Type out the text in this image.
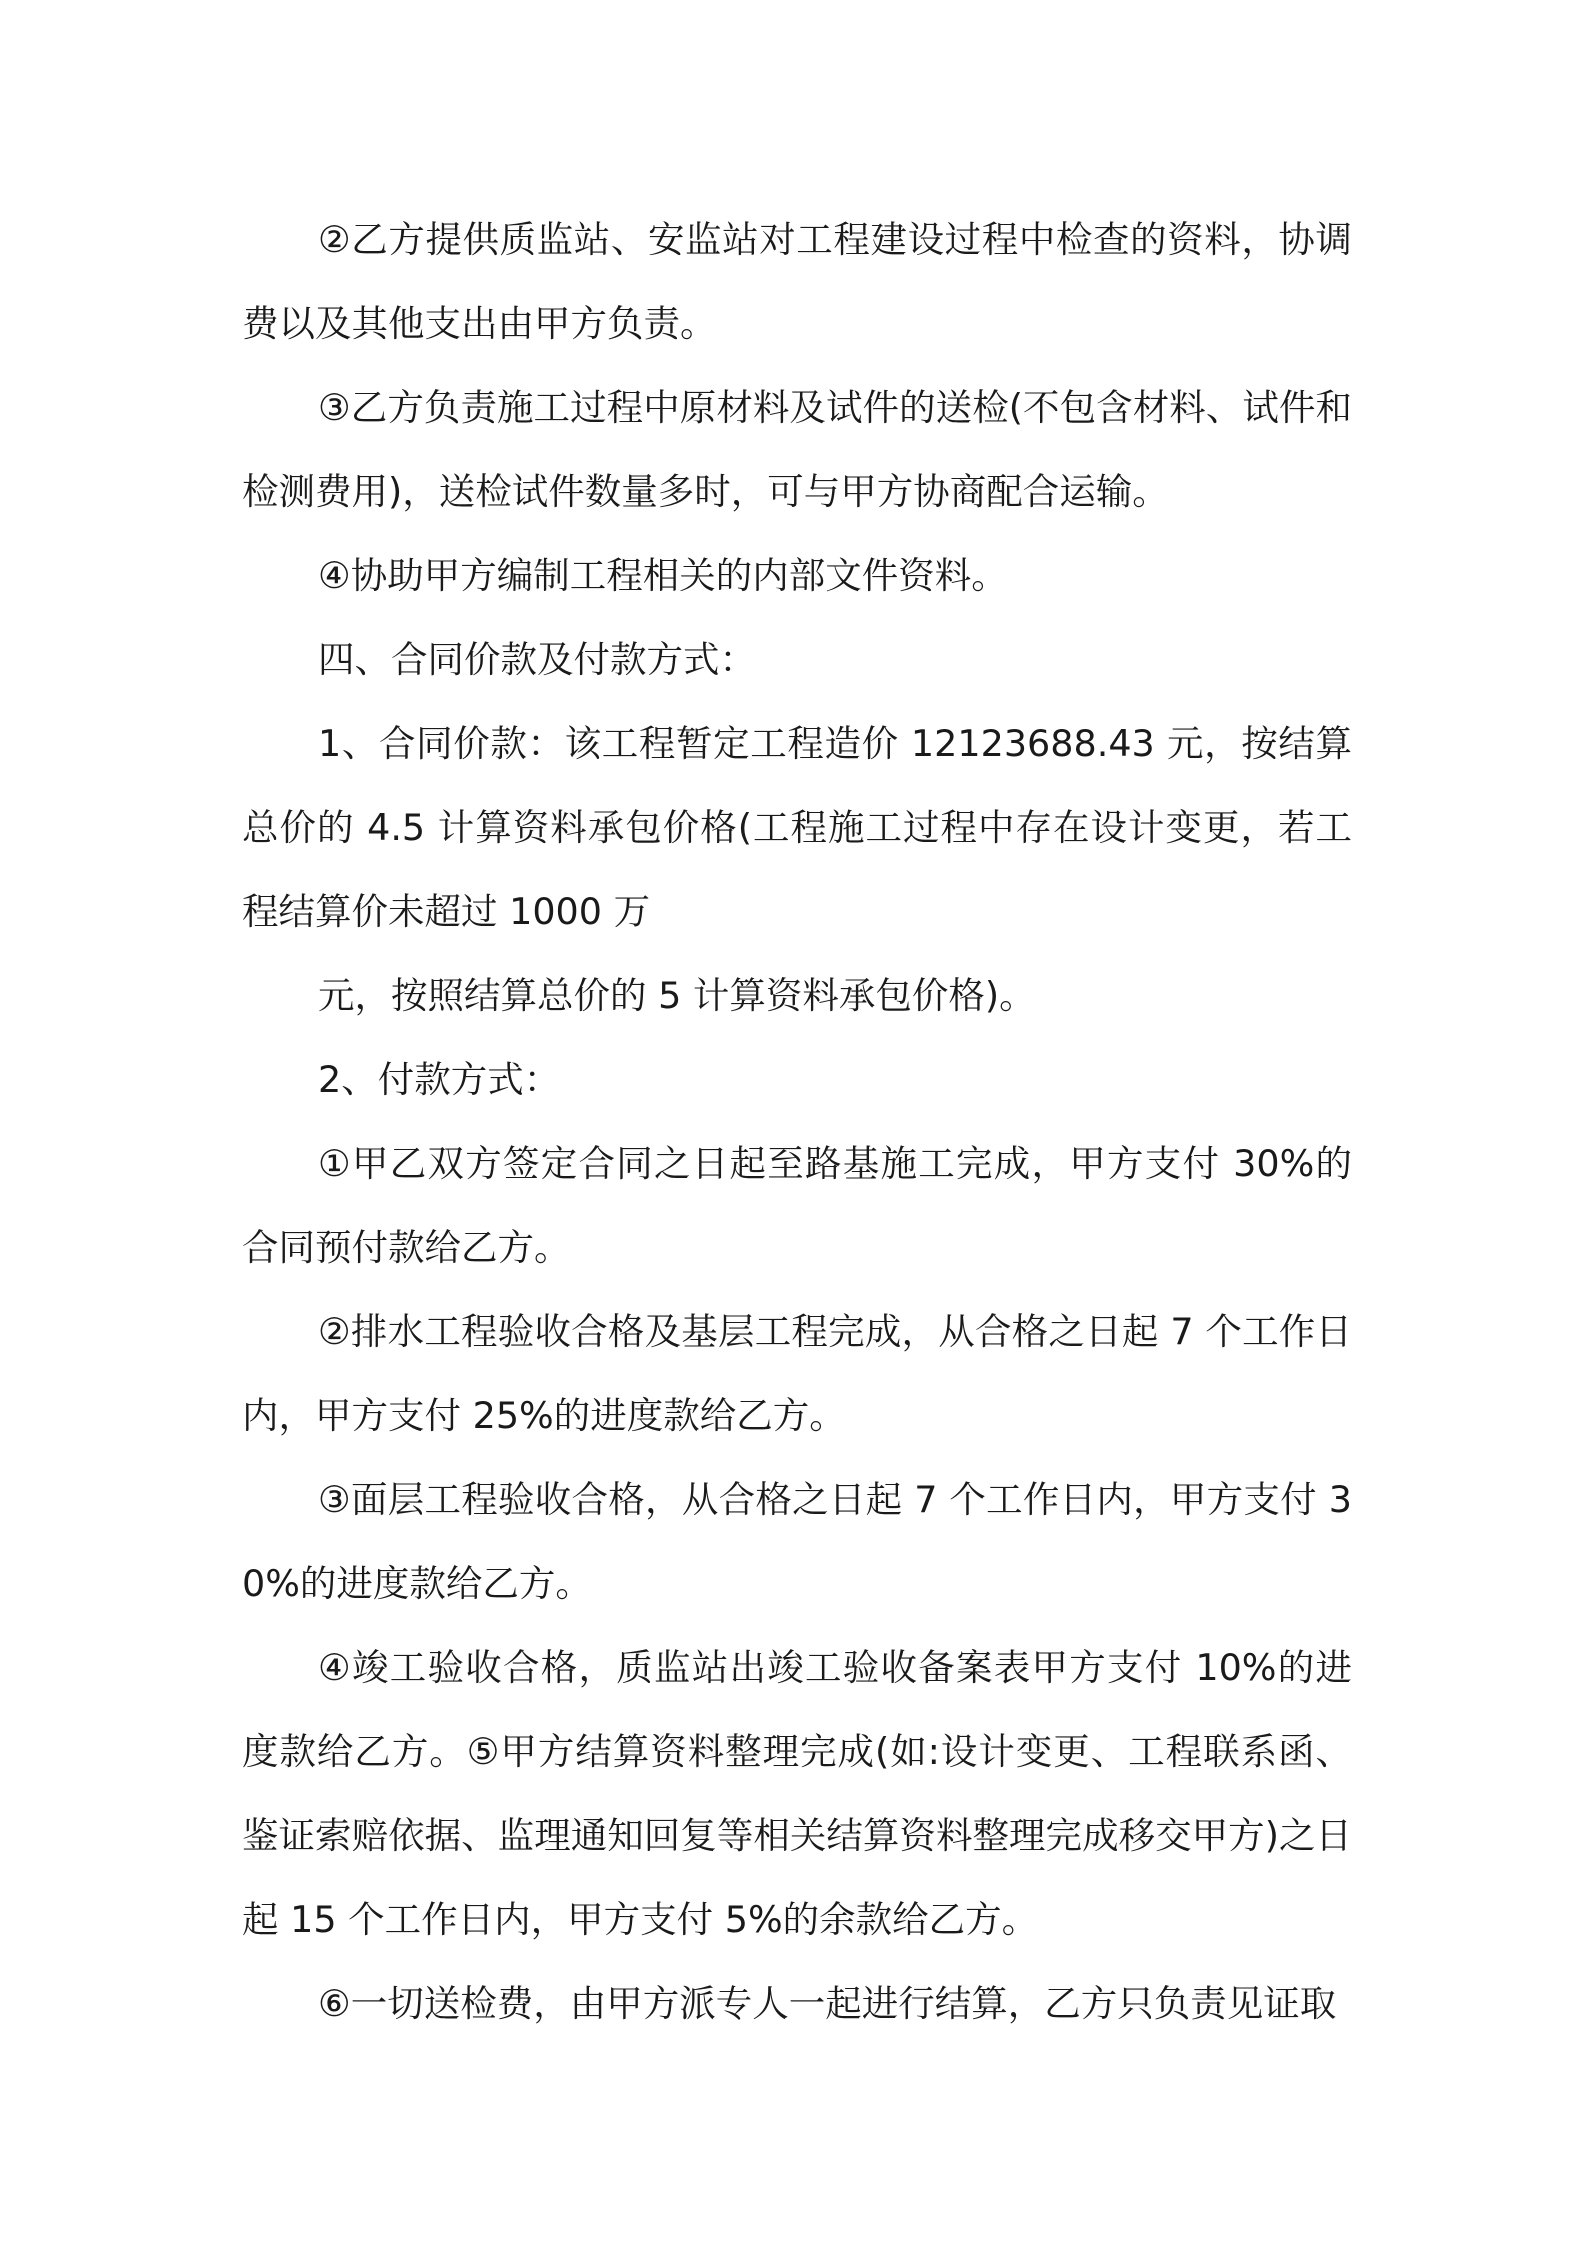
②乙方提供质监站、安监站对工程建设过程中检查的资料，协调费以及其他支出由甲方负责。

③乙方负责施工过程中原材料及试件的送检(不包含材料、试件和检测费用)，送检试件数量多时，可与甲方协商配合运输。

④协助甲方编制工程相关的内部文件资料。

四、合同价款及付款方式：

1、合同价款：该工程暂定工程造价 12123688.43 元，按结算总价的 4.5 计算资料承包价格(工程施工过程中存在设计变更，若工程结算价未超过 1000 万

元，按照结算总价的 5 计算资料承包价格)。

2、付款方式：

①甲乙双方签定合同之日起至路基施工完成，甲方支付 30%的合同预付款给乙方。

②排水工程验收合格及基层工程完成，从合格之日起 7 个工作日内，甲方支付 25%的进度款给乙方。

③面层工程验收合格，从合格之日起 7 个工作日内，甲方支付 30%的进度款给乙方。

④竣工验收合格，质监站出竣工验收备案表甲方支付 10%的进度款给乙方。⑤甲方结算资料整理完成(如:设计变更、工程联系函、鉴证索赔依据、监理通知回复等相关结算资料整理完成移交甲方)之日起 15 个工作日内，甲方支付 5%的余款给乙方。

⑥一切送检费，由甲方派专人一起进行结算，乙方只负责见证取
